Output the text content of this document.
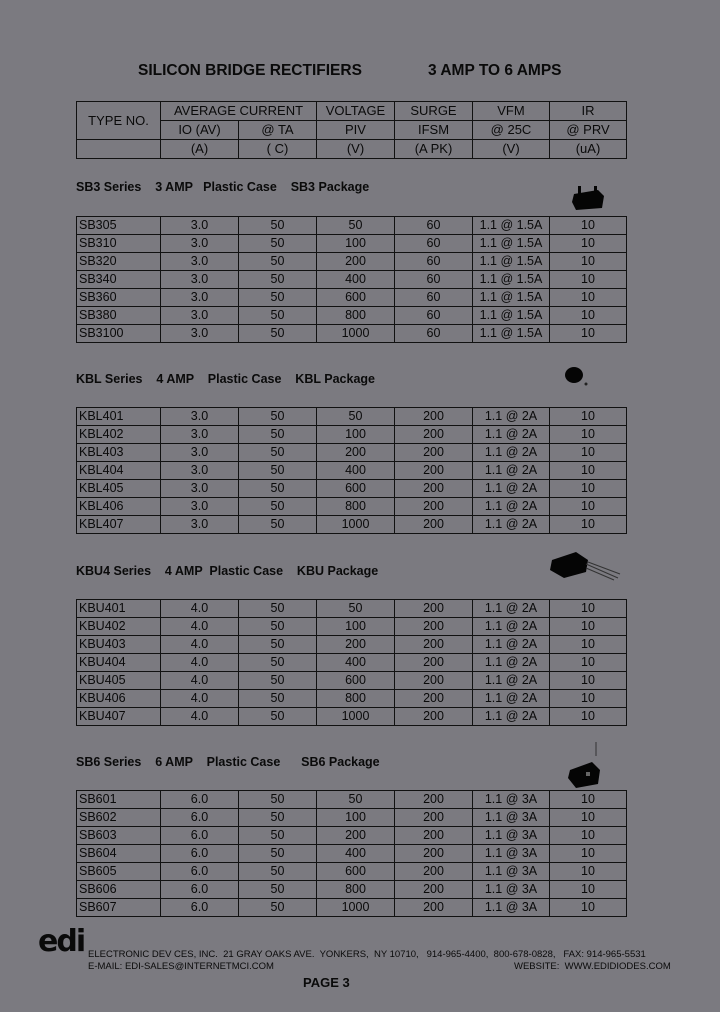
SILICON BRIDGE RECTIFIERS	3 AMP TO 6 AMPS
TYPE NO.	AVERAGE CURRENT		VOLTAGE	SURGE	VFM	IR
	IO (AV)	@ TA	PIV	IFSM	@ 25C	@ PRV
	(A)	( C)	(V)	(A PK)	(V)	(uA)
SB3 Series    3 AMP   Plastic Case    SB3 Package
KBL Series    4 AMP    Plastic Case    KBL Package
KBU4 Series    4 AMP  Plastic Case    KBU Package
SB6 Series    6 AMP    Plastic Case      SB6 Package
SB305	3.0	50	50	60	1.1 @ 1.5A	10
SB310	3.0	50	100	60	1.1 @ 1.5A	10
SB320	3.0	50	200	60	1.1 @ 1.5A	10
SB340	3.0	50	400	60	1.1 @ 1.5A	10
SB360	3.0	50	600	60	1.1 @ 1.5A	10
SB380	3.0	50	800	60	1.1 @ 1.5A	10
SB3100	3.0	50	1000	60	1.1 @ 1.5A	10
KBL401	3.0	50	50	200	1.1 @ 2A	10
KBL402	3.0	50	100	200	1.1 @ 2A	10
KBL403	3.0	50	200	200	1.1 @ 2A	10
KBL404	3.0	50	400	200	1.1 @ 2A	10
KBL405	3.0	50	600	200	1.1 @ 2A	10
KBL406	3.0	50	800	200	1.1 @ 2A	10
KBL407	3.0	50	1000	200	1.1 @ 2A	10
KBU401	4.0	50	50	200	1.1 @ 2A	10
KBU402	4.0	50	100	200	1.1 @ 2A	10
KBU403	4.0	50	200	200	1.1 @ 2A	10
KBU404	4.0	50	400	200	1.1 @ 2A	10
KBU405	4.0	50	600	200	1.1 @ 2A	10
KBU406	4.0	50	800	200	1.1 @ 2A	10
KBU407	4.0	50	1000	200	1.1 @ 2A	10
SB601	6.0	50	50	200	1.1 @ 3A	10
SB602	6.0	50	100	200	1.1 @ 3A	10
SB603	6.0	50	200	200	1.1 @ 3A	10
SB604	6.0	50	400	200	1.1 @ 3A	10
SB605	6.0	50	600	200	1.1 @ 3A	10
SB606	6.0	50	800	200	1.1 @ 3A	10
SB607	6.0	50	1000	200	1.1 @ 3A	10
edi ELECTRONIC DEV CES, INC.  21 GRAY OAKS AVE.  YONKERS,  NY 10710,   914-965-4400,  800-678-0828,   FAX: 914-965-5531
E-MAIL: EDI-SALES@INTERNETMCI.COM	WEBSITE:  WWW.EDIDIODES.COM
PAGE 3
